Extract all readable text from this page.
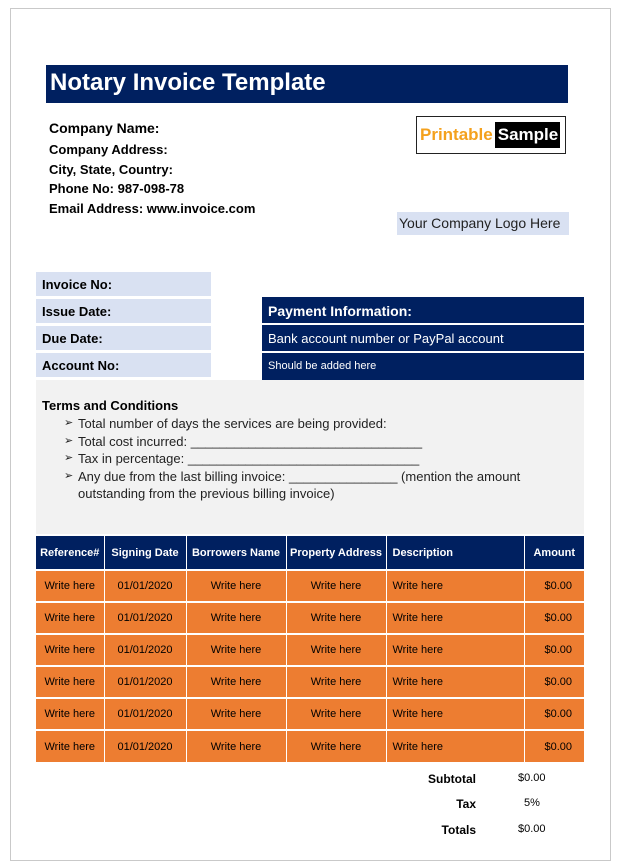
Notary Invoice Template
Company Name:
Company Address:
City, State, Country:
Phone No: 987-098-78
Email Address: www.invoice.com
Printable Sample
Your Company Logo Here
Invoice No:
Issue Date:
Due Date:
Account No:
Payment Information:
Bank account number or PayPal account
Should be added here
Terms and Conditions
➢ Total number of days the services are being provided:
➢ Total cost incurred: ________________________________
➢ Tax in percentage: ________________________________
➢ Any due from the last billing invoice: _______________ (mention the amount outstanding from the previous billing invoice)
Reference#	Signing Date	Borrowers Name	Property Address	Description	Amount
Write here	01/01/2020	Write here	Write here	Write here	$0.00
Write here	01/01/2020	Write here	Write here	Write here	$0.00
Write here	01/01/2020	Write here	Write here	Write here	$0.00
Write here	01/01/2020	Write here	Write here	Write here	$0.00
Write here	01/01/2020	Write here	Write here	Write here	$0.00
Write here	01/01/2020	Write here	Write here	Write here	$0.00
Subtotal	$0.00
Tax	5%
Totals	$0.00
